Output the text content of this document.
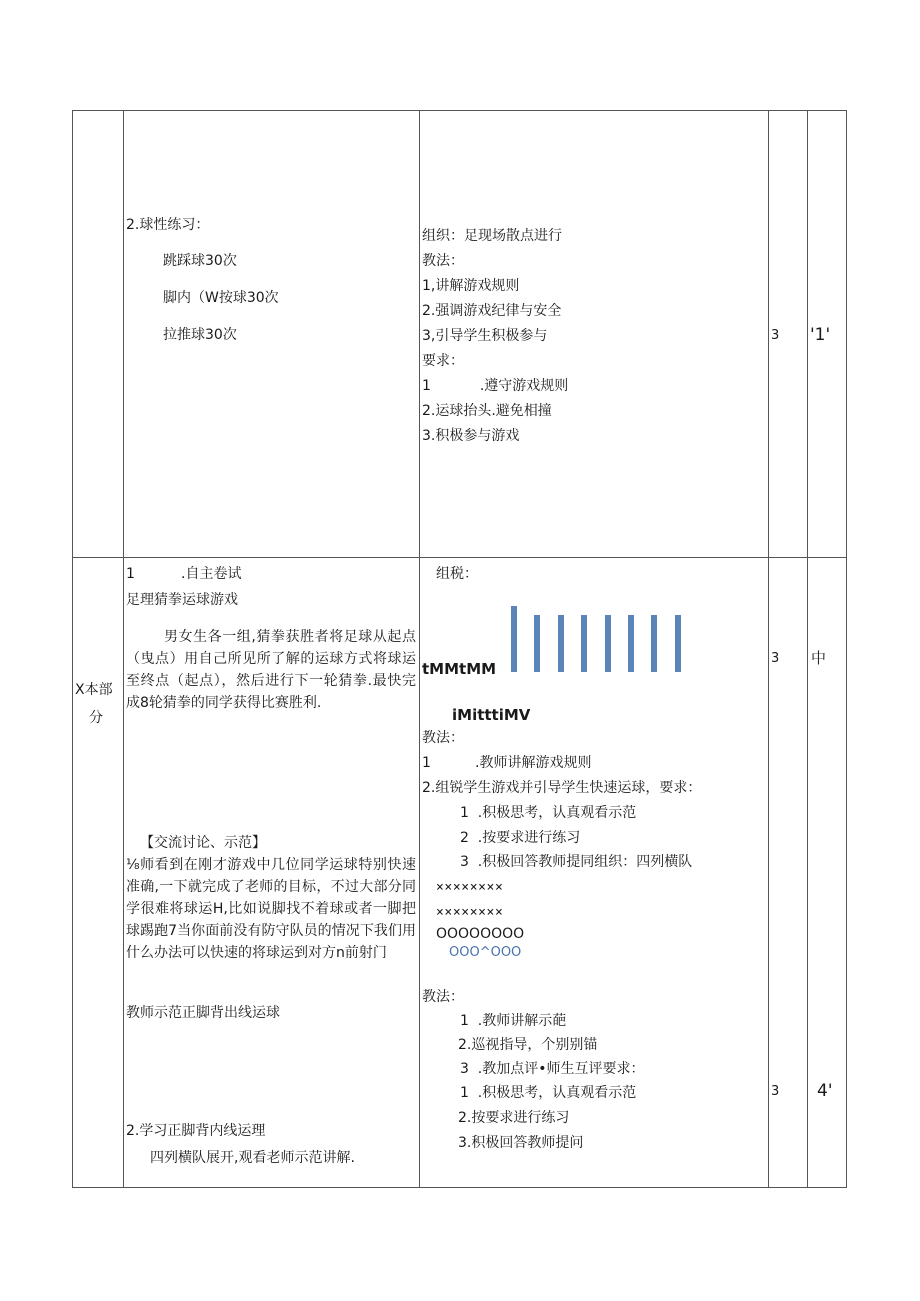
2.球性练习：
跳踩球30次
脚内（W按球30次
拉推球30次
组织：足现场散点进行
教法：
1,讲解游戏规则
2.强调游戏纪律与安全
3,引导学生积极参与
要求：
1           .遵守游戏规则
2.运球抬头.避免相撞
3.积极参与游戏
3 '1'
X本部
分
1	.自主卷试
足理猜拳运球游戏
男女生各一组,猜拳获胜者将足球从起点（曳点）用自己所见所了解的运球方式将球运至终点（起点），然后进行下一轮猜拳.最快完成8轮猜拳的同学获得比赛胜利.
【交流讨论、示范】
⅛师看到在刚才游戏中几位同学运球特别快速准确,一下就完成了老师的目标，不过大部分同学很难将球运H,比如说脚找不着球或者一脚把球踢跑7当你面前没有防守队员的情况下我们用什么办法可以快速的将球运到对方n前射门
教师示范正脚背出线运球
2.学习正脚背内线运理
四列横队展开,观看老师示范讲解.
组税：
tMMtMM
iMitttiMV
教法：
1	.教师讲解游戏规则
2.组锐学生游戏并引导学生快速运球，要求：
1  .积极思考，认真观看示范
2  .按要求进行练习
3  .积极回答教师提同组织：四列横队
××××××××
××××××××
OOOOOOOO
OOO^OOO
教法：
1  .教师讲解示葩
2.巡视指导，个别别锚
3  .教加点评•师生互评要求：
1  .积极思考，认真观看示范
2.按要求进行练习
3.积极回答教师提问
3 中
3 4'
